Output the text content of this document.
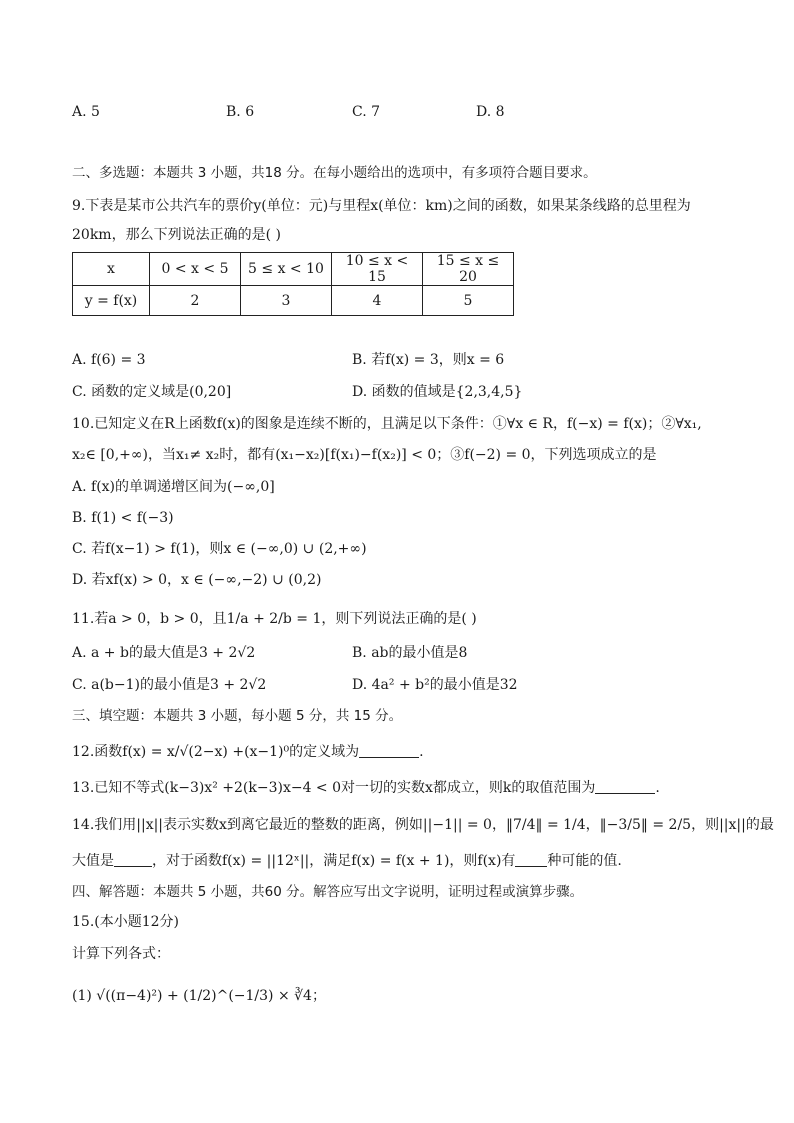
A. 5	B. 6	C. 7	D. 8
二、多选题：本题共 3 小题，共18 分。在每小题给出的选项中，有多项符合题目要求。
9.下表是某市公共汽车的票价y(单位：元)与里程x(单位：km)之间的函数，如果某条线路的总里程为
20km，那么下列说法正确的是( )
x	0 < x < 5	5 ≤ x < 10	10 ≤ x < 15	15 ≤ x ≤ 20
y = f(x)	2	3	4	5
A. f(6) = 3	B. 若f(x) = 3，则x = 6
C. 函数的定义域是(0,20]	D. 函数的值域是{2,3,4,5}
10.已知定义在R上函数f(x)的图象是连续不断的，且满足以下条件：①∀x ∈ R，f(−x) = f(x)；②∀x₁,
x₂∈ [0,+∞)，当x₁≠ x₂时，都有(x₁−x₂)[f(x₁)−f(x₂)] < 0；③f(−2) = 0，下列选项成立的是
A. f(x)的单调递增区间为(−∞,0]
B. f(1) < f(−3)
C. 若f(x−1) > f(1)，则x ∈ (−∞,0) ∪ (2,+∞)
D. 若xf(x) > 0，x ∈ (−∞,−2) ∪ (0,2)
11.若a > 0，b > 0，且1/a + 2/b = 1，则下列说法正确的是( )
A. a + b的最大值是3 + 2√2	B. ab的最小值是8
C. a(b−1)的最小值是3 + 2√2	D. 4a² + b²的最小值是32
三、填空题：本题共 3 小题，每小题 5 分，共 15 分。
12.函数f(x) = x/√(2−x) +(x−1)⁰的定义域为	.
13.已知不等式(k−3)x² +2(k−3)x−4 < 0对一切的实数x都成立，则k的取值范围为	.
14.我们用||x||表示实数x到离它最近的整数的距离，例如||−1|| = 0，‖7/4‖ = 1/4，‖−3/5‖ = 2/5，则||x||的最
大值是	，对于函数f(x) = ||12ˣ||，满足f(x) = f(x + 1)，则f(x)有 种可能的值.
四、解答题：本题共 5 小题，共60 分。解答应写出文字说明，证明过程或演算步骤。
15.(本小题12分)
计算下列各式：
(1) √((π−4)²) + (1/2)^(−1/3) × ∛4；
